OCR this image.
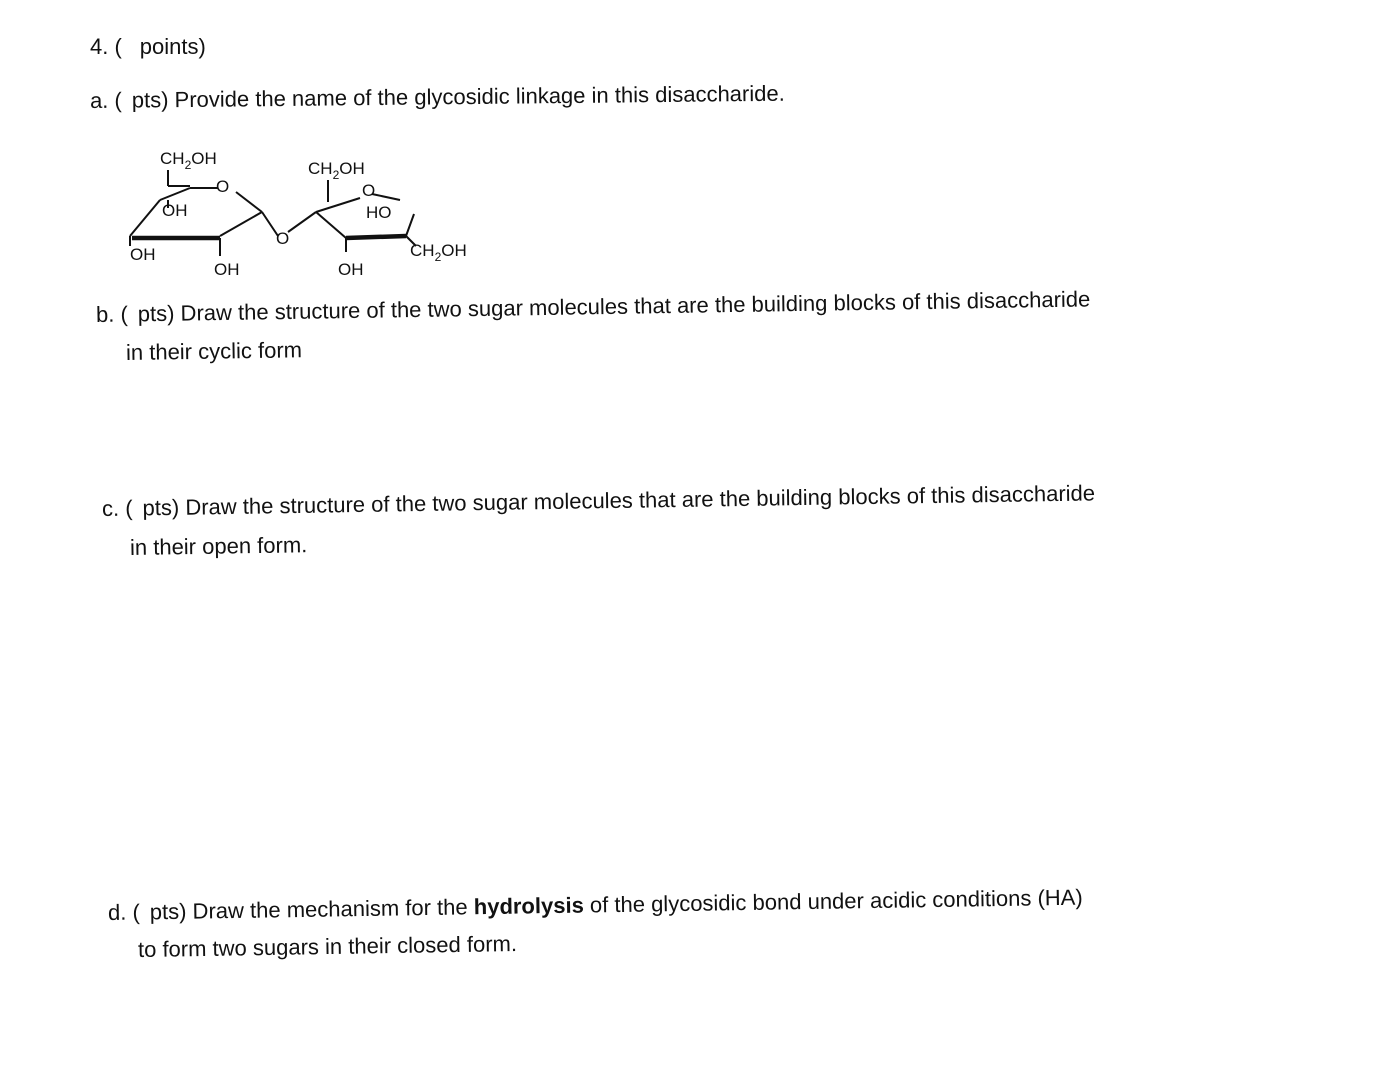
4. ( points)
a. ( pts) Provide the name of the glycosidic linkage in this disaccharide.
$CH_2OH$
O
OH
OH
OH
O
$CH_2OH$
O
HO
OH
$CH_2OH$
b. ( pts) Draw the structure of the two sugar molecules that are the building blocks of this disaccharide
in their cyclic form
c. ( pts) Draw the structure of the two sugar molecules that are the building blocks of this disaccharide
in their open form.
d. ( pts) Draw the mechanism for the hydrolysis of the glycosidic bond under acidic conditions (HA)
to form two sugars in their closed form.
